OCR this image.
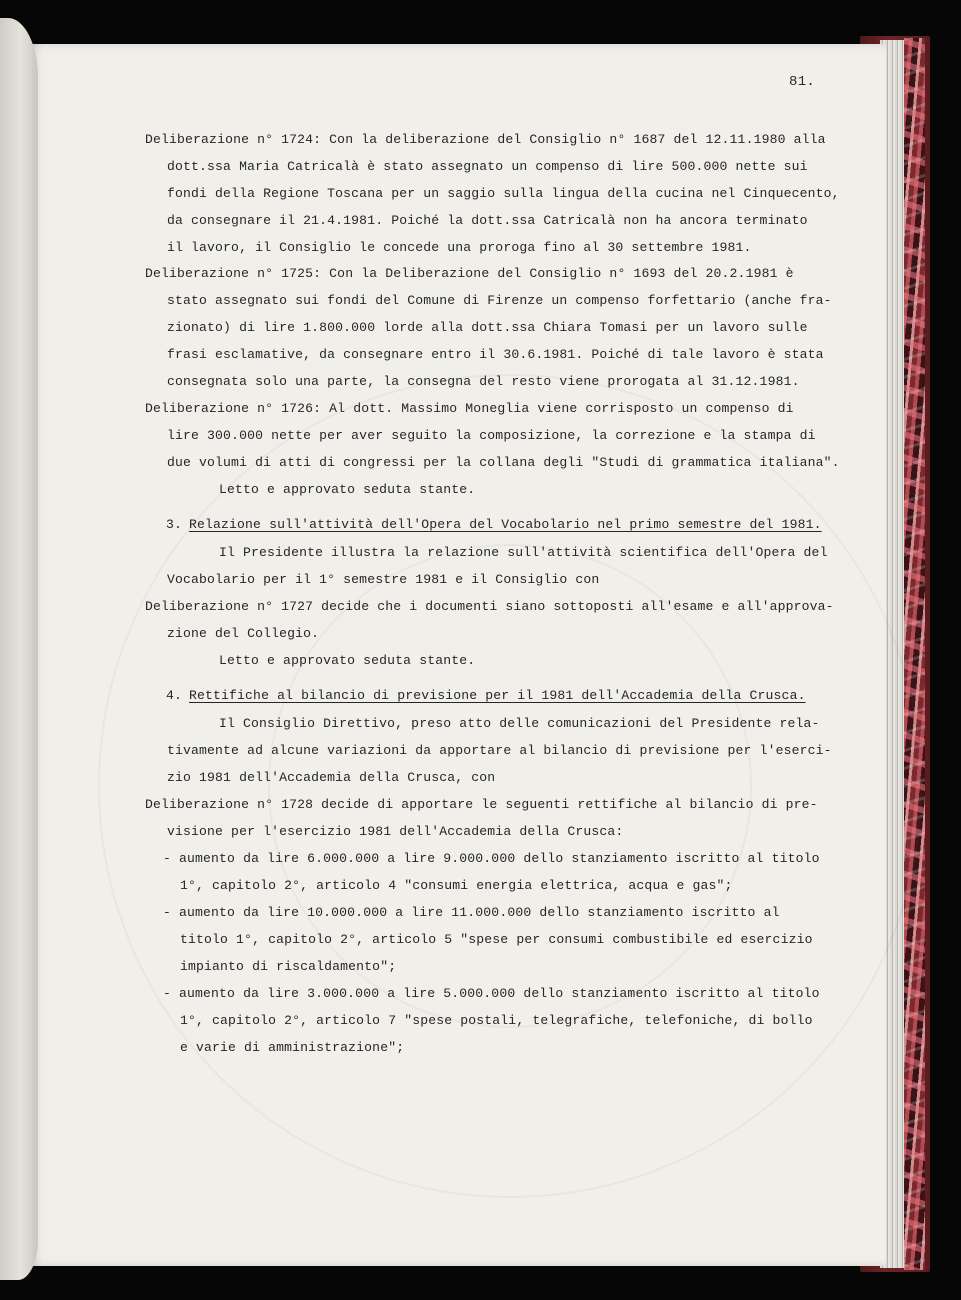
81.
Deliberazione n° 1724: Con la deliberazione del Consiglio n° 1687 del 12.11.1980 alla
dott.ssa Maria Catricalà è stato assegnato un compenso di lire 500.000 nette sui
fondi della Regione Toscana per un saggio sulla lingua della cucina nel Cinquecento,
da consegnare il 21.4.1981. Poiché la dott.ssa Catricalà non ha ancora terminato
il lavoro, il Consiglio le concede una proroga fino al 30 settembre 1981.
Deliberazione n° 1725: Con la Deliberazione del Consiglio n° 1693 del 20.2.1981 è
stato assegnato sui fondi del Comune di Firenze un compenso forfettario (anche fra-
zionato) di lire 1.800.000 lorde alla dott.ssa Chiara Tomasi per un lavoro sulle
frasi esclamative, da consegnare entro il 30.6.1981. Poiché di tale lavoro è stata
consegnata solo una parte, la consegna del resto viene prorogata al 31.12.1981.
Deliberazione n° 1726: Al dott. Massimo Moneglia viene corrisposto un compenso di
lire 300.000 nette per aver seguito la composizione, la correzione e la stampa di
due volumi di atti di congressi per la collana degli "Studi di grammatica italiana".
Letto e approvato seduta stante.
3. Relazione sull'attività dell'Opera del Vocabolario nel primo semestre del 1981.
Il Presidente illustra la relazione sull'attività scientifica dell'Opera del
Vocabolario per il 1° semestre 1981 e il Consiglio con
Deliberazione n° 1727 decide che i documenti siano sottoposti all'esame e all'approva-
zione del Collegio.
Letto e approvato seduta stante.
4. Rettifiche al bilancio di previsione per il 1981 dell'Accademia della Crusca.
Il Consiglio Direttivo, preso atto delle comunicazioni del Presidente rela-
tivamente ad alcune variazioni da apportare al bilancio di previsione per l'eserci-
zio 1981 dell'Accademia della Crusca, con
Deliberazione n° 1728 decide di apportare le seguenti rettifiche al bilancio di pre-
visione per l'esercizio 1981 dell'Accademia della Crusca:
- aumento da lire 6.000.000 a lire 9.000.000 dello stanziamento iscritto al titolo
1°, capitolo 2°, articolo 4 "consumi energia elettrica, acqua e gas";
- aumento da lire 10.000.000 a lire 11.000.000 dello stanziamento iscritto al
titolo 1°, capitolo 2°, articolo 5 "spese per consumi combustibile ed esercizio
impianto di riscaldamento";
- aumento da lire 3.000.000 a lire 5.000.000 dello stanziamento iscritto al titolo
1°, capitolo 2°, articolo 7 "spese postali, telegrafiche, telefoniche, di bollo
e varie di amministrazione";
